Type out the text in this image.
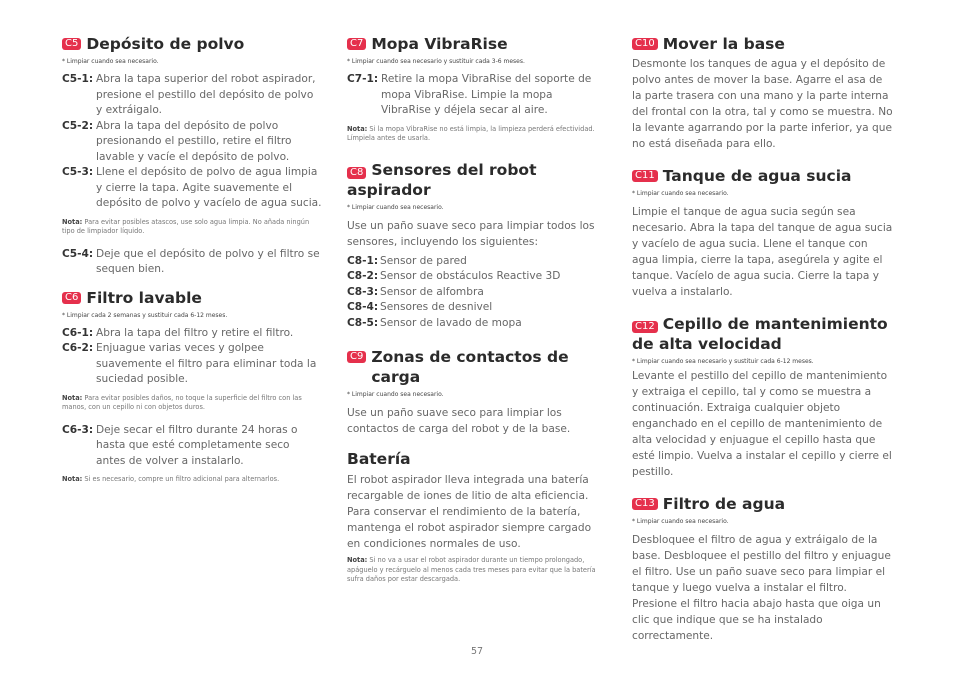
C5 Depósito de polvo
* Limpiar cuando sea necesario.
C5-1: Abra la tapa superior del robot aspirador, presione el pestillo del depósito de polvo y extráigalo.
C5-2: Abra la tapa del depósito de polvo presionando el pestillo, retire el filtro lavable y vacíe el depósito de polvo.
C5-3: Llene el depósito de polvo de agua limpia y cierre la tapa. Agite suavemente el depósito de polvo y vacíelo de agua sucia.
Nota: Para evitar posibles atascos, use solo agua limpia. No añada ningún tipo de limpiador líquido.
C5-4: Deje que el depósito de polvo y el filtro se sequen bien.
C6 Filtro lavable
* Limpiar cada 2 semanas y sustituir cada 6-12 meses.
C6-1: Abra la tapa del filtro y retire el filtro.
C6-2: Enjuague varias veces y golpee suavemente el filtro para eliminar toda la suciedad posible.
Nota: Para evitar posibles daños, no toque la superficie del filtro con las manos, con un cepillo ni con objetos duros.
C6-3: Deje secar el filtro durante 24 horas o hasta que esté completamente seco antes de volver a instalarlo.
Nota: Si es necesario, compre un filtro adicional para alternarlos.
C7 Mopa VibraRise
* Limpiar cuando sea necesario y sustituir cada 3-6 meses.
C7-1: Retire la mopa VibraRise del soporte de mopa VibraRise. Limpie la mopa VibraRise y déjela secar al aire.
Nota: Si la mopa VibraRise no está limpia, la limpieza perderá efectividad. Límpiela antes de usarla.
C8 Sensores del robot aspirador
* Limpiar cuando sea necesario.

Use un paño suave seco para limpiar todos los sensores, incluyendo los siguientes:

C8-1: Sensor de pared
C8-2: Sensor de obstáculos Reactive 3D
C8-3: Sensor de alfombra
C8-4: Sensores de desnivel
C8-5: Sensor de lavado de mopa
C9 Zonas de contactos de carga
* Limpiar cuando sea necesario.

Use un paño suave seco para limpiar los contactos de carga del robot y de la base.

Batería

El robot aspirador lleva integrada una batería recargable de iones de litio de alta eficiencia. Para conservar el rendimiento de la batería, mantenga el robot aspirador siempre cargado en condiciones normales de uso.

Nota: Si no va a usar el robot aspirador durante un tiempo prolongado, apáguelo y recárguelo al menos cada tres meses para evitar que la batería sufra daños por estar descargada.
C10 Mover la base

Desmonte los tanques de agua y el depósito de polvo antes de mover la base. Agarre el asa de la parte trasera con una mano y la parte interna del frontal con la otra, tal y como se muestra. No la levante agarrando por la parte inferior, ya que no está diseñada para ello.

C11 Tanque de agua sucia
* Limpiar cuando sea necesario.

Limpie el tanque de agua sucia según sea necesario. Abra la tapa del tanque de agua sucia y vacíelo de agua sucia. Llene el tanque con agua limpia, cierre la tapa, asegúrela y agite el tanque. Vacíelo de agua sucia. Cierre la tapa y vuelva a instalarlo.

C12 Cepillo de mantenimiento de alta velocidad
* Limpiar cuando sea necesario y sustituir cada 6-12 meses.

Levante el pestillo del cepillo de mantenimiento y extraiga el cepillo, tal y como se muestra a continuación. Extraiga cualquier objeto enganchado en el cepillo de mantenimiento de alta velocidad y enjuague el cepillo hasta que esté limpio. Vuelva a instalar el cepillo y cierre el pestillo.

C13 Filtro de agua
* Limpiar cuando sea necesario.

Desbloquee el filtro de agua y extráigalo de la base. Desbloquee el pestillo del filtro y enjuague el filtro. Use un paño suave seco para limpiar el tanque y luego vuelva a instalar el filtro. Presione el filtro hacia abajo hasta que oiga un clic que indique que se ha instalado correctamente.

57
